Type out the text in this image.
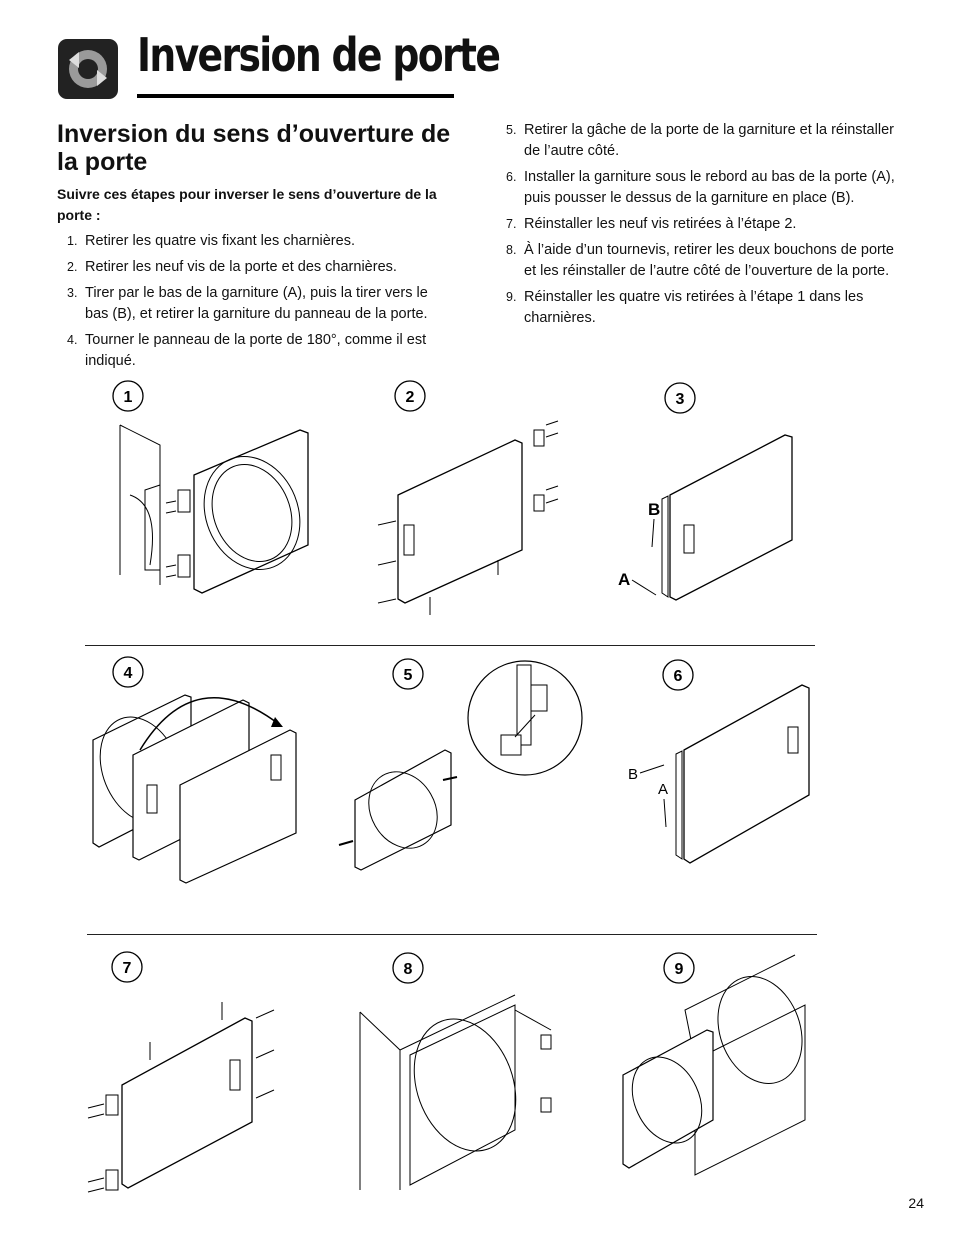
Inversion de porte
Inversion du sens d’ouverture de la porte

Suivre ces étapes pour inverser le sens d’ouverture de la porte :

1. Retirer les quatre vis fixant les charnières.
2. Retirer les neuf vis de la porte et des charnières.
3. Tirer par le bas de la garniture (A), puis la tirer vers le bas (B), et retirer la garniture du panneau de la porte.
4. Tourner le panneau de la porte de 180°, comme il est indiqué.
5. Retirer la gâche de la porte de la garniture et la réinstaller de l’autre côté.
6. Installer la garniture sous le rebord au bas de la porte (A), puis pousser le dessus de la garniture en place (B).
7. Réinstaller les neuf vis retirées à l’étape 2.
8. À l’aide d’un tournevis, retirer les deux bouchons de porte et les réinstaller de l’autre côté de l’ouverture de la porte.
9. Réinstaller les quatre vis retirées à l’étape 1 dans les charnières.
1	2	3
B
A
4	5	6
B
A
7	8	9
24
